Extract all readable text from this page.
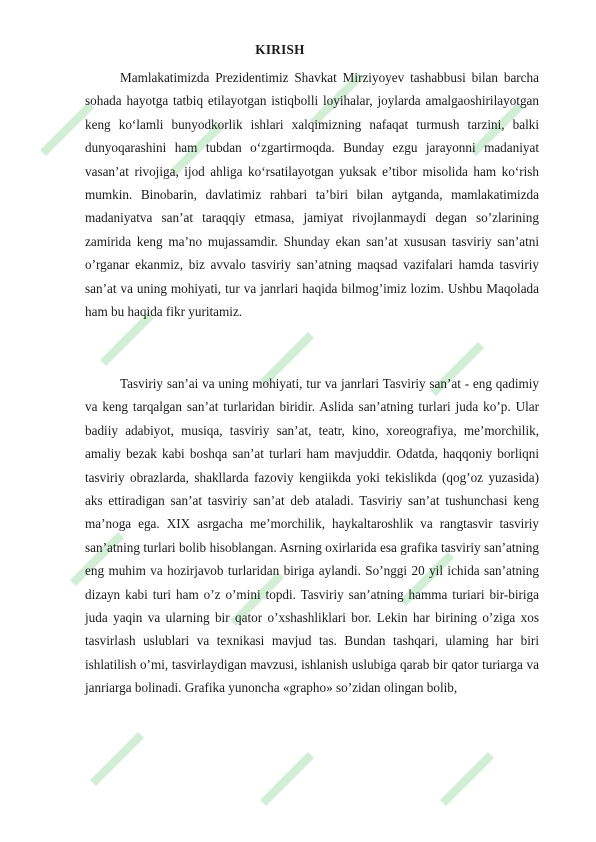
KIRISH

Mamlakatimizda Prezidentimiz Shavkat Mirziyoyev tashabbusi bilan barcha sohada hayotga tatbiq etilayotgan istiqbolli loyihalar, joylarda amalgaoshirilayotgan keng ko‘lamli bunyodkorlik ishlari xalqimizning nafaqat turmush tarzini, balki dunyoqarashini ham tubdan o‘zgartirmoqda. Bunday ezgu jarayonni madaniyat vasan’at rivojiga, ijod ahliga ko‘rsatilayotgan yuksak e’tibor misolida ham ko‘rish mumkin. Binobarin, davlatimiz rahbari ta’biri bilan aytganda, mamlakatimizda madaniyatva san’at taraqqiy etmasa, jamiyat rivojlanmaydi degan so’zlarining zamirida keng ma’no mujassamdir. Shunday ekan san’at xususan tasviriy san’atni o’rganar ekanmiz, biz avvalo tasviriy san’atning maqsad vazifalari hamda tasviriy san’at va uning mohiyati, tur va janrlari haqida bilmog’imiz lozim. Ushbu Maqolada ham bu haqida fikr yuritamiz.

Tasviriy san’ai va uning mohiyati, tur va janrlari Tasviriy san’at - eng qadimiy va keng tarqalgan san’at turlaridan biridir. Aslida san’atning turlari juda ko’p. Ular badiiy adabiyot, musiqa, tasviriy san’at, teatr, kino, xoreografiya, me’morchilik, amaliy bezak kabi boshqa san’at turlari ham mavjuddir. Odatda, haqqoniy borliqni tasviriy obrazlarda, shakllarda fazoviy kengiikda yoki tekislikda (qog’oz yuzasida) aks ettiradigan san’at tasviriy san’at deb ataladi. Tasviriy san’at tushunchasi keng ma’noga ega. XIX asrgacha me’morchilik, haykaltaroshlik va rangtasvir tasviriy san’atning turlari bolib hisoblangan. Asrning oxirlarida esa grafika tasviriy san’atning eng muhim va hozirjavob turlaridan biriga aylandi. So’nggi 20 yil ichida san’atning dizayn kabi turi ham o’z o’mini topdi. Tasviriy san’atning hamma turiari bir-biriga juda yaqin va ularning bir qator o’xshashliklari bor. Lekin har birining o’ziga xos tasvirlash uslublari va texnikasi mavjud tas. Bundan tashqari, ulaming har biri ishlatilish o’mi, tasvirlaydigan mavzusi, ishlanish uslubiga qarab bir qator turiarga va janriarga bolinadi. Grafika yunoncha «grapho» so’zidan olingan bolib,
